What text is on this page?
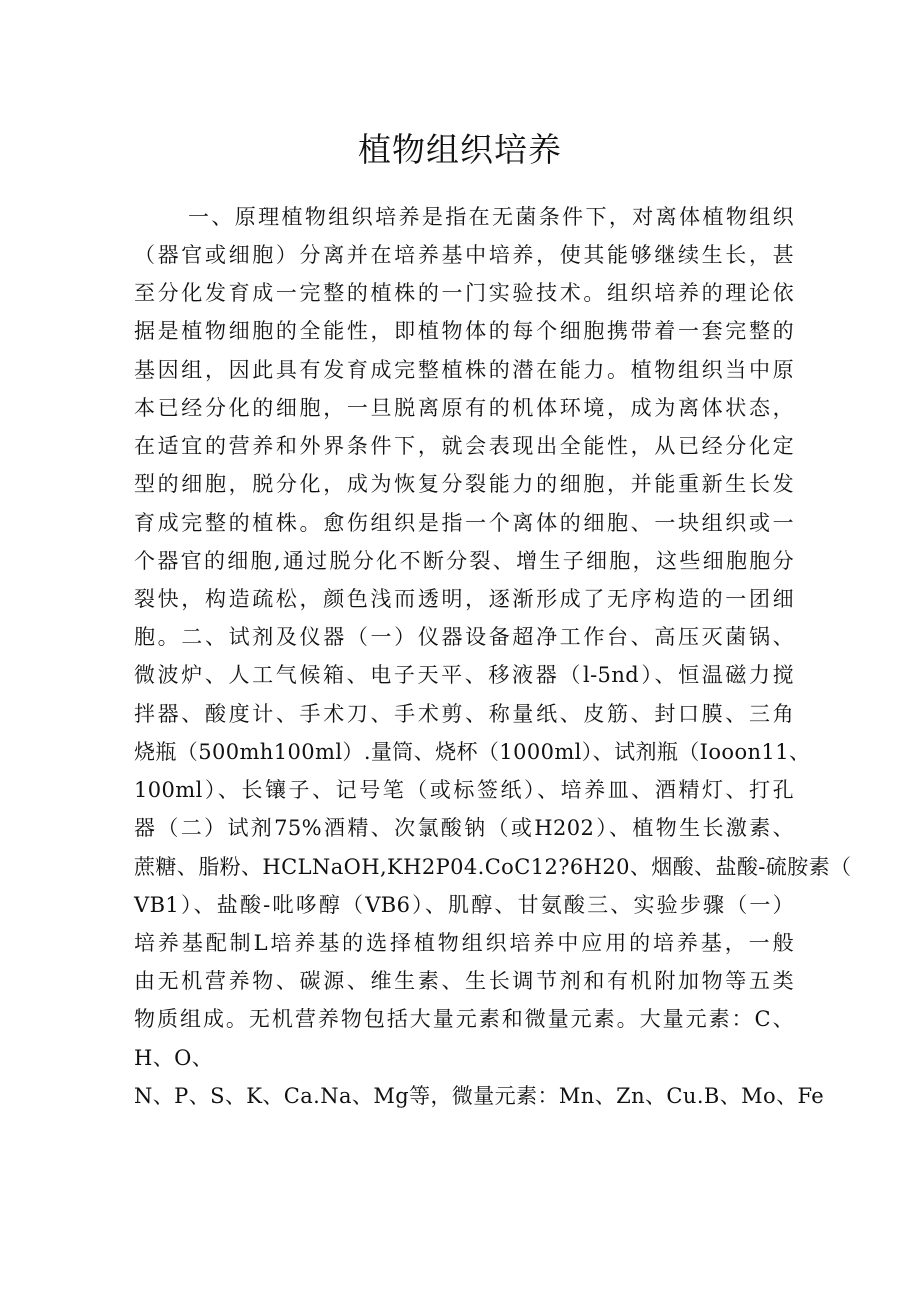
植物组织培养
一、原理植物组织培养是指在无菌条件下，对离体植物组织
（器官或细胞）分离并在培养基中培养，使其能够继续生长，甚
至分化发育成一完整的植株的一门实验技术。组织培养的理论依
据是植物细胞的全能性，即植物体的每个细胞携带着一套完整的
基因组，因此具有发育成完整植株的潜在能力。植物组织当中原
本已经分化的细胞，一旦脱离原有的机体环境，成为离体状态，
在适宜的营养和外界条件下，就会表现出全能性，从已经分化定
型的细胞，脱分化，成为恢复分裂能力的细胞，并能重新生长发
育成完整的植株。愈伤组织是指一个离体的细胞、一块组织或一
个器官的细胞,通过脱分化不断分裂、增生子细胞，这些细胞胞分
裂快，构造疏松，颜色浅而透明，逐渐形成了无序构造的一团细
胞。二、试剂及仪器（一）仪器设备超净工作台、高压灭菌锅、
微波炉、人工气候箱、电子天平、移液器（l-5nd）、恒温磁力搅
拌器、酸度计、手术刀、手术剪、称量纸、皮筋、封口膜、三角
烧瓶（500mh100ml）.量筒、烧杯（1000ml）、试剂瓶（Iooon11、
100ml）、长镶子、记号笔（或标签纸）、培养皿、酒精灯、打孔
器（二）试剂75%酒精、次氯酸钠（或H202）、植物生长激素、
蔗糖、脂粉、HCLNaOH,KH2P04.CoC12?6H20、烟酸、盐酸-硫胺素（
VB1）、盐酸-吡哆醇（VB6）、肌醇、甘氨酸三、实验步骤（一）
培养基配制L培养基的选择植物组织培养中应用的培养基，一般
由无机营养物、碳源、维生素、生长调节剂和有机附加物等五类
物质组成。无机营养物包括大量元素和微量元素。大量元素：C、
H、O、
N、P、S、K、Ca.Na、Mg等，微量元素：Mn、Zn、Cu.B、Mo、Fe
